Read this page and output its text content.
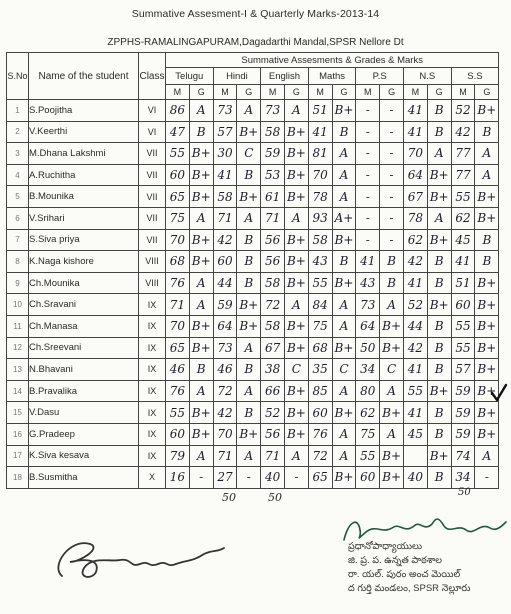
Summative Assesment-I & Quarterly Marks-2013-14
ZPPHS-RAMALINGAPURAM,Dagadarthi Mandal,SPSR Nellore Dt
S.No	Name of the student	Class	Summative Assesments & Grades & Marks													
			Telugu		Hindi		English		Maths		P.S		N.S		S.S	
			M	G	M	G	M	G	M	G	M	G	M	G	M	G
1	S.Poojitha	VI	86	A	73	A	73	A	51	B+	-	-	41	B	52	B+
2	V.Keerthi	VI	47	B	57	B+	58	B+	41	B	-	-	41	B	42	B
3	M.Dhana Lakshmi	VII	55	B+	30	C	59	B+	81	A	-	-	70	A	77	A
4	A.Ruchitha	VII	60	B+	41	B	53	B+	70	A	-	-	64	B+	77	A
5	B.Mounika	VII	65	B+	58	B+	61	B+	78	A	-	-	67	B+	55	B+
6	V.Srihari	VII	75	A	71	A	71	A	93	A+	-	-	78	A	62	B+
7	S.Siva priya	VII	70	B+	42	B	56	B+	58	B+	-	-	62	B+	45	B
8	K.Naga kishore	VIII	68	B+	60	B	56	B+	43	B	41	B	42	B	41	B
9	Ch.Mounika	VIII	76	A	44	B	58	B+	55	B+	43	B	41	B	51	B+
10	Ch.Sravani	IX	71	A	59	B+	72	A	84	A	73	A	52	B+	60	B+
11	Ch.Manasa	IX	70	B+	64	B+	58	B+	75	A	64	B+	44	B	55	B+
12	Ch.Sreevani	IX	65	B+	73	A	67	B+	68	B+	50	B+	42	B	55	B+
13	N.Bhavani	IX	46	B	46	B	38	C	35	C	34	C	41	B	57	B+
14	B.Pravalika	IX	76	A	72	A	66	B+	85	A	80	A	55	B+	59	B+
15	V.Dasu	IX	55	B+	42	B	52	B+	60	B+	62	B+	41	B	59	B+
16	G.Pradeep	IX	60	B+	70	B+	56	B+	76	A	75	A	45	B	59	B+
17	K.Siva kesava	IX	79	A	71	A	71	A	72	A	55	B+		B+	74	A
18	B.Susmitha	X	16	-	27	-	40	-	65	B+	60	B+	40	B	34	-
50	50	50
ప్రధానోపాధ్యాయులు
జి. ప్ర. ప. ఉన్నత పాఠశాల
రా. యల్. పురం అంచ మెయిల్
ద గుర్తి మండలం, SPSR నెల్లూరు
